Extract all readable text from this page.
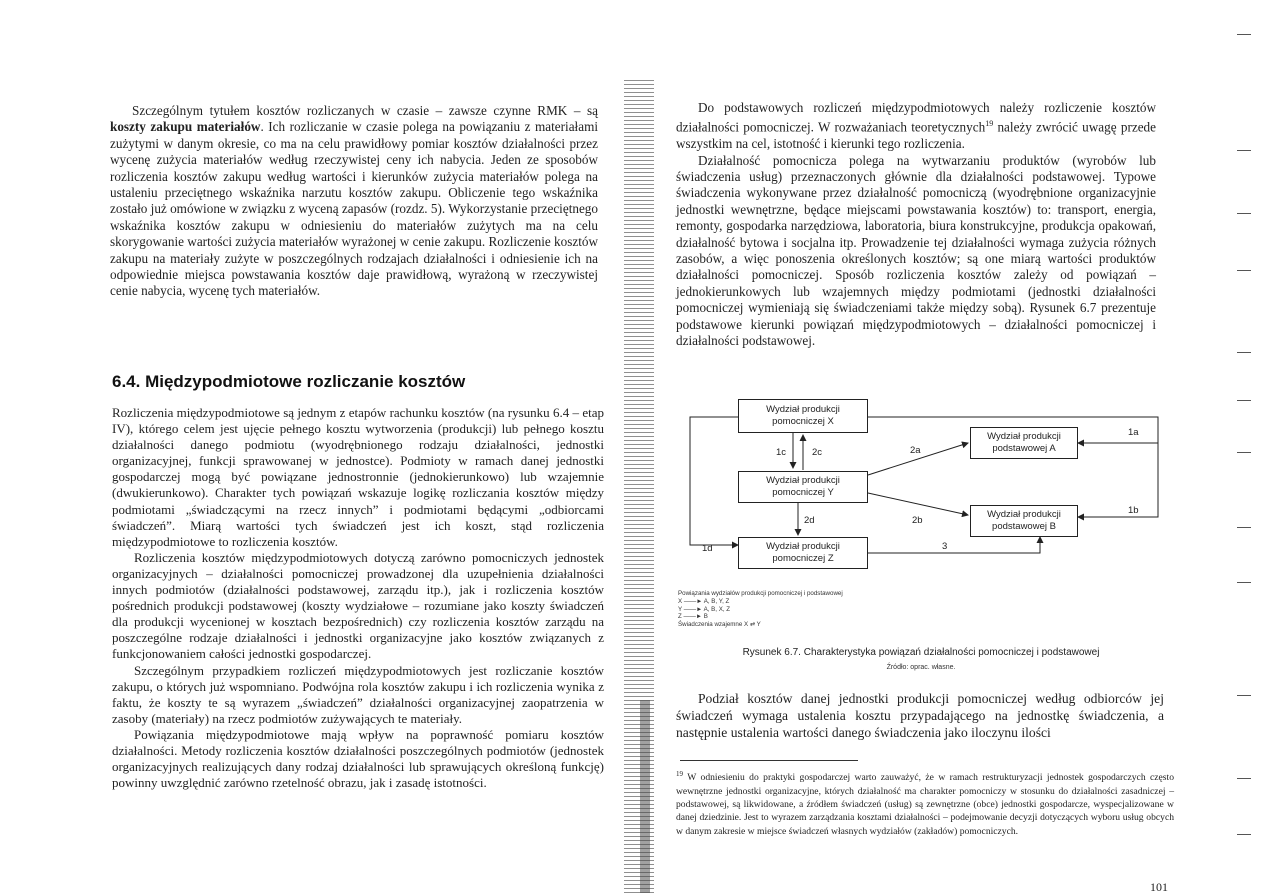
Szczególnym tytułem kosztów rozliczanych w czasie – zawsze czynne RMK – są koszty zakupu materiałów. Ich rozliczanie w czasie polega na powiązaniu z materiałami zużytymi w danym okresie, co ma na celu prawidłowy pomiar kosztów działalności przez wycenę zużycia materiałów według rzeczywistej ceny ich nabycia. Jeden ze sposobów rozliczenia kosztów zakupu według wartości i kierunków zużycia materiałów polega na ustaleniu przeciętnego wskaźnika narzutu kosztów zakupu. Obliczenie tego wskaźnika zostało już omówione w związku z wyceną zapasów (rozdz. 5). Wykorzystanie przeciętnego wskaźnika kosztów zakupu w odniesieniu do materiałów zużytych ma na celu skorygowanie wartości zużycia materiałów wyrażonej w cenie zakupu. Rozliczenie kosztów zakupu na materiały zużyte w poszczególnych rodzajach działalności i odniesienie ich na odpowiednie miejsca powstawania kosztów daje prawidłową, wyrażoną w rzeczywistej cenie nabycia, wycenę tych materiałów.

6.4. Międzypodmiotowe rozliczanie kosztów

Rozliczenia międzypodmiotowe są jednym z etapów rachunku kosztów (na rysunku 6.4 – etap IV), którego celem jest ujęcie pełnego kosztu wytworzenia (produkcji) lub pełnego kosztu działalności danego podmiotu (wyodrębnionego rodzaju działalności, jednostki organizacyjnej, funkcji sprawowanej w jednostce). Podmioty w ramach danej jednostki gospodarczej mogą być powiązane jednostronnie (jednokierunkowo) lub wzajemnie (dwukierunkowo). Charakter tych powiązań wskazuje logikę rozliczania kosztów między podmiotami „świadczącymi na rzecz innych” i podmiotami będącymi „odbiorcami świadczeń”. Miarą wartości tych świadczeń jest ich koszt, stąd rozliczenia międzypodmiotowe to rozliczenia kosztów.

Rozliczenia kosztów międzypodmiotowych dotyczą zarówno pomocniczych jednostek organizacyjnych – działalności pomocniczej prowadzonej dla uzupełnienia działalności innych podmiotów (działalności podstawowej, zarządu itp.), jak i rozliczenia kosztów pośrednich produkcji podstawowej (koszty wydziałowe – rozumiane jako koszty świadczeń dla produkcji wycenionej w kosztach bezpośrednich) czy rozliczenia kosztów zarządu na poszczególne rodzaje działalności i jednostki organizacyjne jako kosztów związanych z funkcjonowaniem całości jednostki gospodarczej.

Szczególnym przypadkiem rozliczeń międzypodmiotowych jest rozliczanie kosztów zakupu, o których już wspomniano. Podwójna rola kosztów zakupu i ich rozliczenia wynika z faktu, że koszty te są wyrazem „świadczeń” działalności organizacyjnej zaopatrzenia w zasoby (materiały) na rzecz podmiotów zużywających te materiały.

Powiązania międzypodmiotowe mają wpływ na poprawność pomiaru kosztów działalności. Metody rozliczenia kosztów działalności poszczególnych podmiotów (jednostek organizacyjnych realizujących dany rodzaj działalności lub sprawujących określoną funkcję) powinny uwzględnić zarówno rzetelność obrazu, jak i zasadę istotności.

Do podstawowych rozliczeń międzypodmiotowych należy rozliczenie kosztów działalności pomocniczej. W rozważaniach teoretycznych$^{19}$ należy zwrócić uwagę przede wszystkim na cel, istotność i kierunki tego rozliczenia.

Działalność pomocnicza polega na wytwarzaniu produktów (wyrobów lub świadczenia usług) przeznaczonych głównie dla działalności podstawowej. Typowe świadczenia wykonywane przez działalność pomocniczą (wyodrębnione organizacyjnie jednostki wewnętrzne, będące miejscami powstawania kosztów) to: transport, energia, remonty, gospodarka narzędziowa, laboratoria, biura konstrukcyjne, produkcja opakowań, działalność bytowa i socjalna itp. Prowadzenie tej działalności wymaga zużycia różnych zasobów, a więc ponoszenia określonych kosztów; są one miarą wartości produktów działalności pomocniczej. Sposób rozliczenia kosztów zależy od powiązań – jednokierunkowych lub wzajemnych między podmiotami (jednostki działalności pomocniczej wymieniają się świadczeniami także między sobą). Rysunek 6.7 prezentuje podstawowe kierunki powiązań międzypodmiotowych – działalności pomocniczej i działalności podstawowej.

Wydział produkcji pomocniczej X
Wydział produkcji pomocniczej Y
Wydział produkcji pomocniczej Z
Wydział produkcji podstawowej A
Wydział produkcji podstawowej B
1a
1b
1c
1d
2a
2b
2c
2d
3
Powiązania wydziałów produkcji pomocniczej i podstawowej
X ——► A, B, Y, Z
Y ——► A, B, X, Z
Z ——► B
Świadczenia wzajemne X ⇄ Y
Rysunek 6.7. Charakterystyka powiązań działalności pomocniczej i podstawowej
Źródło: oprac. własne.

Podział kosztów danej jednostki produkcji pomocniczej według odbiorców jej świadczeń wymaga ustalenia kosztu przypadającego na jednostkę świadczenia, a następnie ustalenia wartości danego świadczenia jako iloczynu ilości

$^{19}$ W odniesieniu do praktyki gospodarczej warto zauważyć, że w ramach restrukturyzacji jednostek gospodarczych często wewnętrzne jednostki organizacyjne, których działalność ma charakter pomocniczy w stosunku do działalności zasadniczej – podstawowej, są likwidowane, a źródłem świadczeń (usług) są zewnętrzne (obce) jednostki gospodarcze, wyspecjalizowane w danej dziedzinie. Jest to wyrazem zarządzania kosztami działalności – podejmowanie decyzji dotyczących wyboru usług obcych w danym zakresie w miejsce świadczeń własnych wydziałów (zakładów) pomocniczych.
101
